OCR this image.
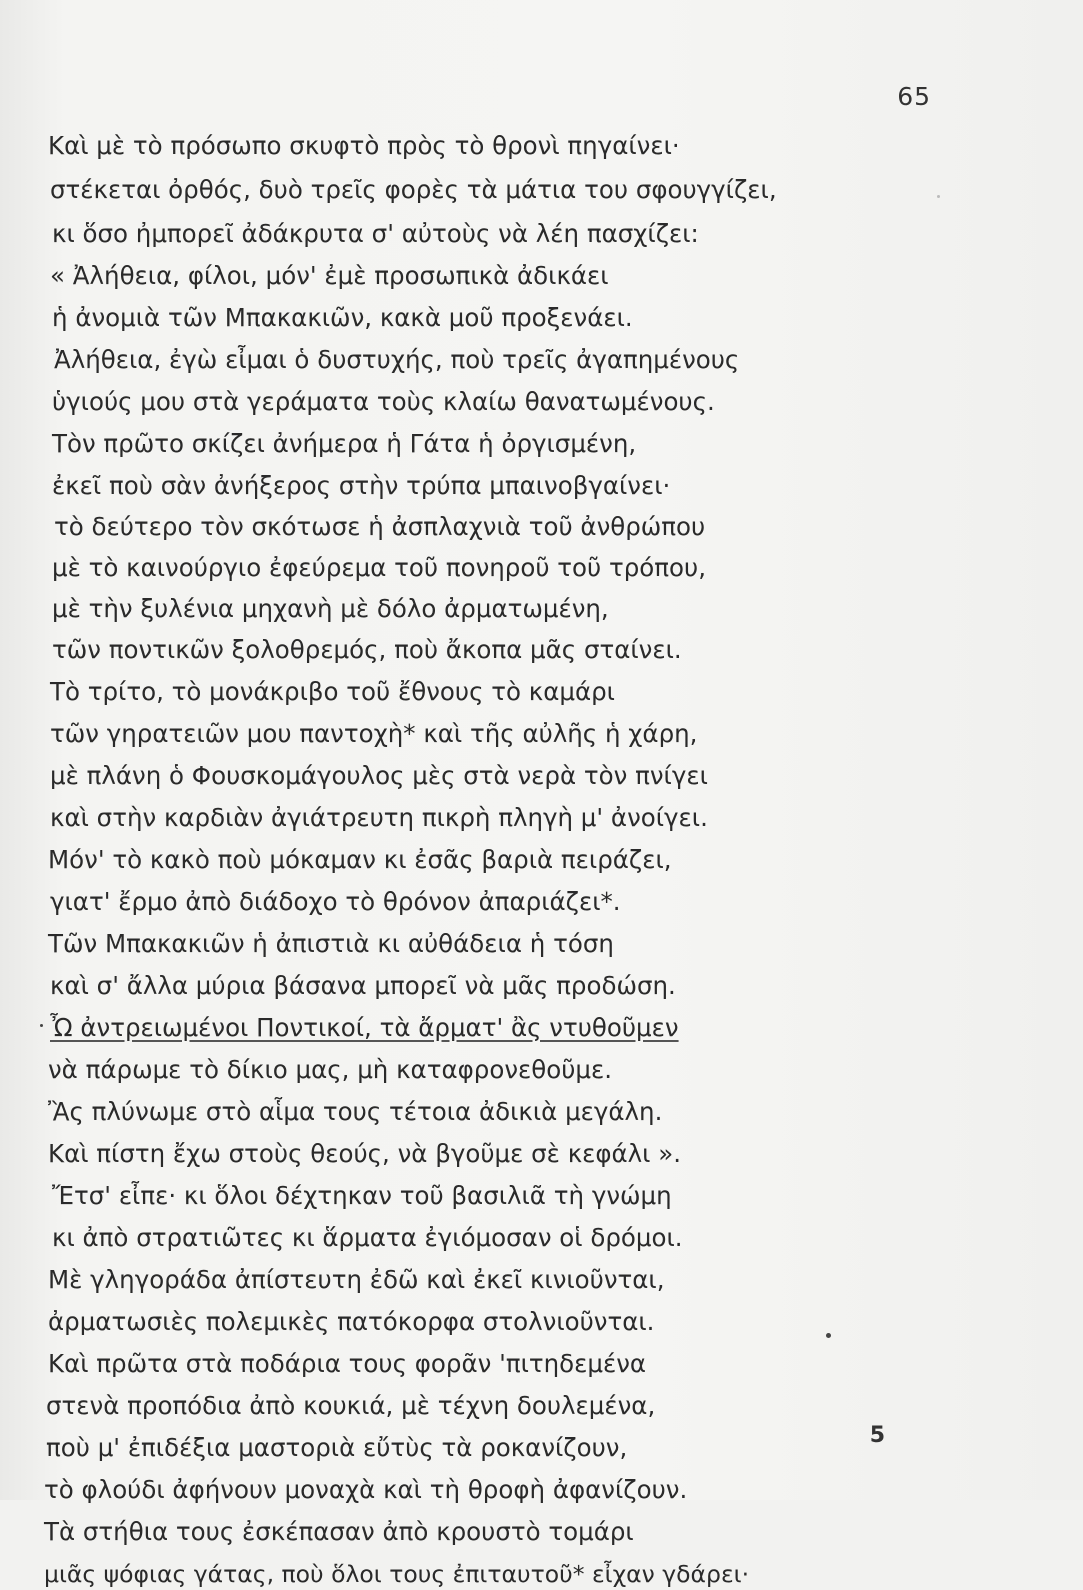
65
Καὶ μὲ τὸ πρόσωπο σκυφτὸ πρὸς τὸ θρονὶ πηγαίνει·
στέκεται ὀρθός, δυὸ τρεῖς φορὲς τὰ μάτια του σφουγγίζει,
κι ὅσο ἠμπορεῖ ἀδάκρυτα σ' αὐτοὺς νὰ λέη πασχίζει:
« Ἀλήθεια, φίλοι, μόν' ἐμὲ προσωπικὰ ἀδικάει
ἡ ἀνομιὰ τῶν Μπακακιῶν, κακὰ μοῦ προξενάει.
Ἀλήθεια, ἐγὼ εἶμαι ὁ δυστυχής, ποὺ τρεῖς ἀγαπημένους
ὑγιούς μου στὰ γεράματα τοὺς κλαίω θανατωμένους.
Τὸν πρῶτο σκίζει ἀνήμερα ἡ Γάτα ἡ ὀργισμένη,
ἐκεῖ ποὺ σὰν ἀνήξερος στὴν τρύπα μπαινοβγαίνει·
τὸ δεύτερο τὸν σκότωσε ἡ ἀσπλαχνιὰ τοῦ ἀνθρώπου
μὲ τὸ καινούργιο ἐφεύρεμα τοῦ πονηροῦ τοῦ τρόπου,
μὲ τὴν ξυλένια μηχανὴ μὲ δόλο ἀρματωμένη,
τῶν ποντικῶν ξολοθρεμός, ποὺ ἄκοπα μᾶς σταίνει.
Τὸ τρίτο, τὸ μονάκριβο τοῦ ἔθνους τὸ καμάρι
τῶν γηρατειῶν μου παντοχὴ* καὶ τῆς αὐλῆς ἡ χάρη,
μὲ πλάνη ὁ Φουσκομάγουλος μὲς στὰ νερὰ τὸν πνίγει
καὶ στὴν καρδιὰν ἀγιάτρευτη πικρὴ πληγὴ μ' ἀνοίγει.
Μόν' τὸ κακὸ ποὺ μόκαμαν κι ἐσᾶς βαριὰ πειράζει,
γιατ' ἔρμο ἀπὸ διάδοχο τὸ θρόνον ἀπαριάζει*.
Τῶν Μπακακιῶν ἡ ἀπιστιὰ κι αὐθάδεια ἡ τόση
καὶ σ' ἄλλα μύρια βάσανα μπορεῖ νὰ μᾶς προδώση.
Ὦ ἀντρειωμένοι Ποντικοί, τὰ ἄρματ' ἂς ντυθοῦμεν
νὰ πάρωμε τὸ δίκιο μας, μὴ καταφρονεθοῦμε.
Ἂς πλύνωμε στὸ αἷμα τους τέτοια ἀδικιὰ μεγάλη.
Καὶ πίστη ἔχω στοὺς θεούς, νὰ βγοῦμε σὲ κεφάλι ».
Ἔτσ' εἶπε· κι ὅλοι δέχτηκαν τοῦ βασιλιᾶ τὴ γνώμη
κι ἀπὸ στρατιῶτες κι ἅρματα ἐγιόμοσαν οἱ δρόμοι.
Μὲ γληγοράδα ἀπίστευτη ἐδῶ καὶ ἐκεῖ κινιοῦνται,
ἀρματωσιὲς πολεμικὲς πατόκορφα στολνιοῦνται.
Καὶ πρῶτα στὰ ποδάρια τους φορᾶν 'πιτηδεμένα
στενὰ προπόδια ἀπὸ κουκιά, μὲ τέχνη δουλεμένα,
ποὺ μ' ἐπιδέξια μαστοριὰ εὔτὺς τὰ ροκανίζουν,
τὸ φλούδι ἀφήνουν μοναχὰ καὶ τὴ θροφὴ ἀφανίζουν.
Τὰ στήθια τους ἐσκέπασαν ἀπὸ κρουστὸ τομάρι
μιᾶς ψόφιας γάτας, ποὺ ὅλοι τους ἐπιταυτοῦ* εἶχαν γδάρει·
5
